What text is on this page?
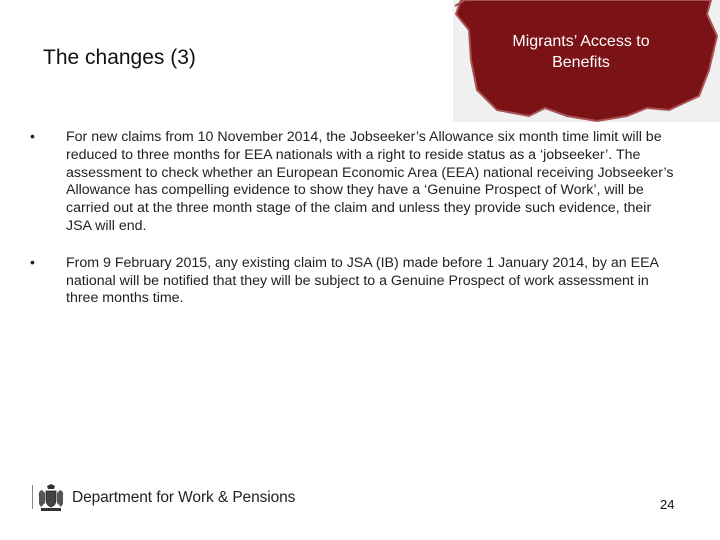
The changes (3)
Migrants’ Access to Benefits
• For new claims from 10 November 2014, the Jobseeker’s Allowance six month time limit will be reduced to three months for EEA nationals with a right to reside status as a ‘jobseeker’. The assessment to check whether an European Economic Area (EEA) national receiving Jobseeker’s Allowance has compelling evidence to show they have a ‘Genuine Prospect of Work’, will be carried out at the three month stage of the claim and unless they provide such evidence, their JSA will end.
• From 9 February 2015, any existing claim to JSA (IB) made before 1 January 2014, by an EEA national will be notified that they will be subject to a Genuine Prospect of work assessment in three months time.
Department for Work & Pensions	24
